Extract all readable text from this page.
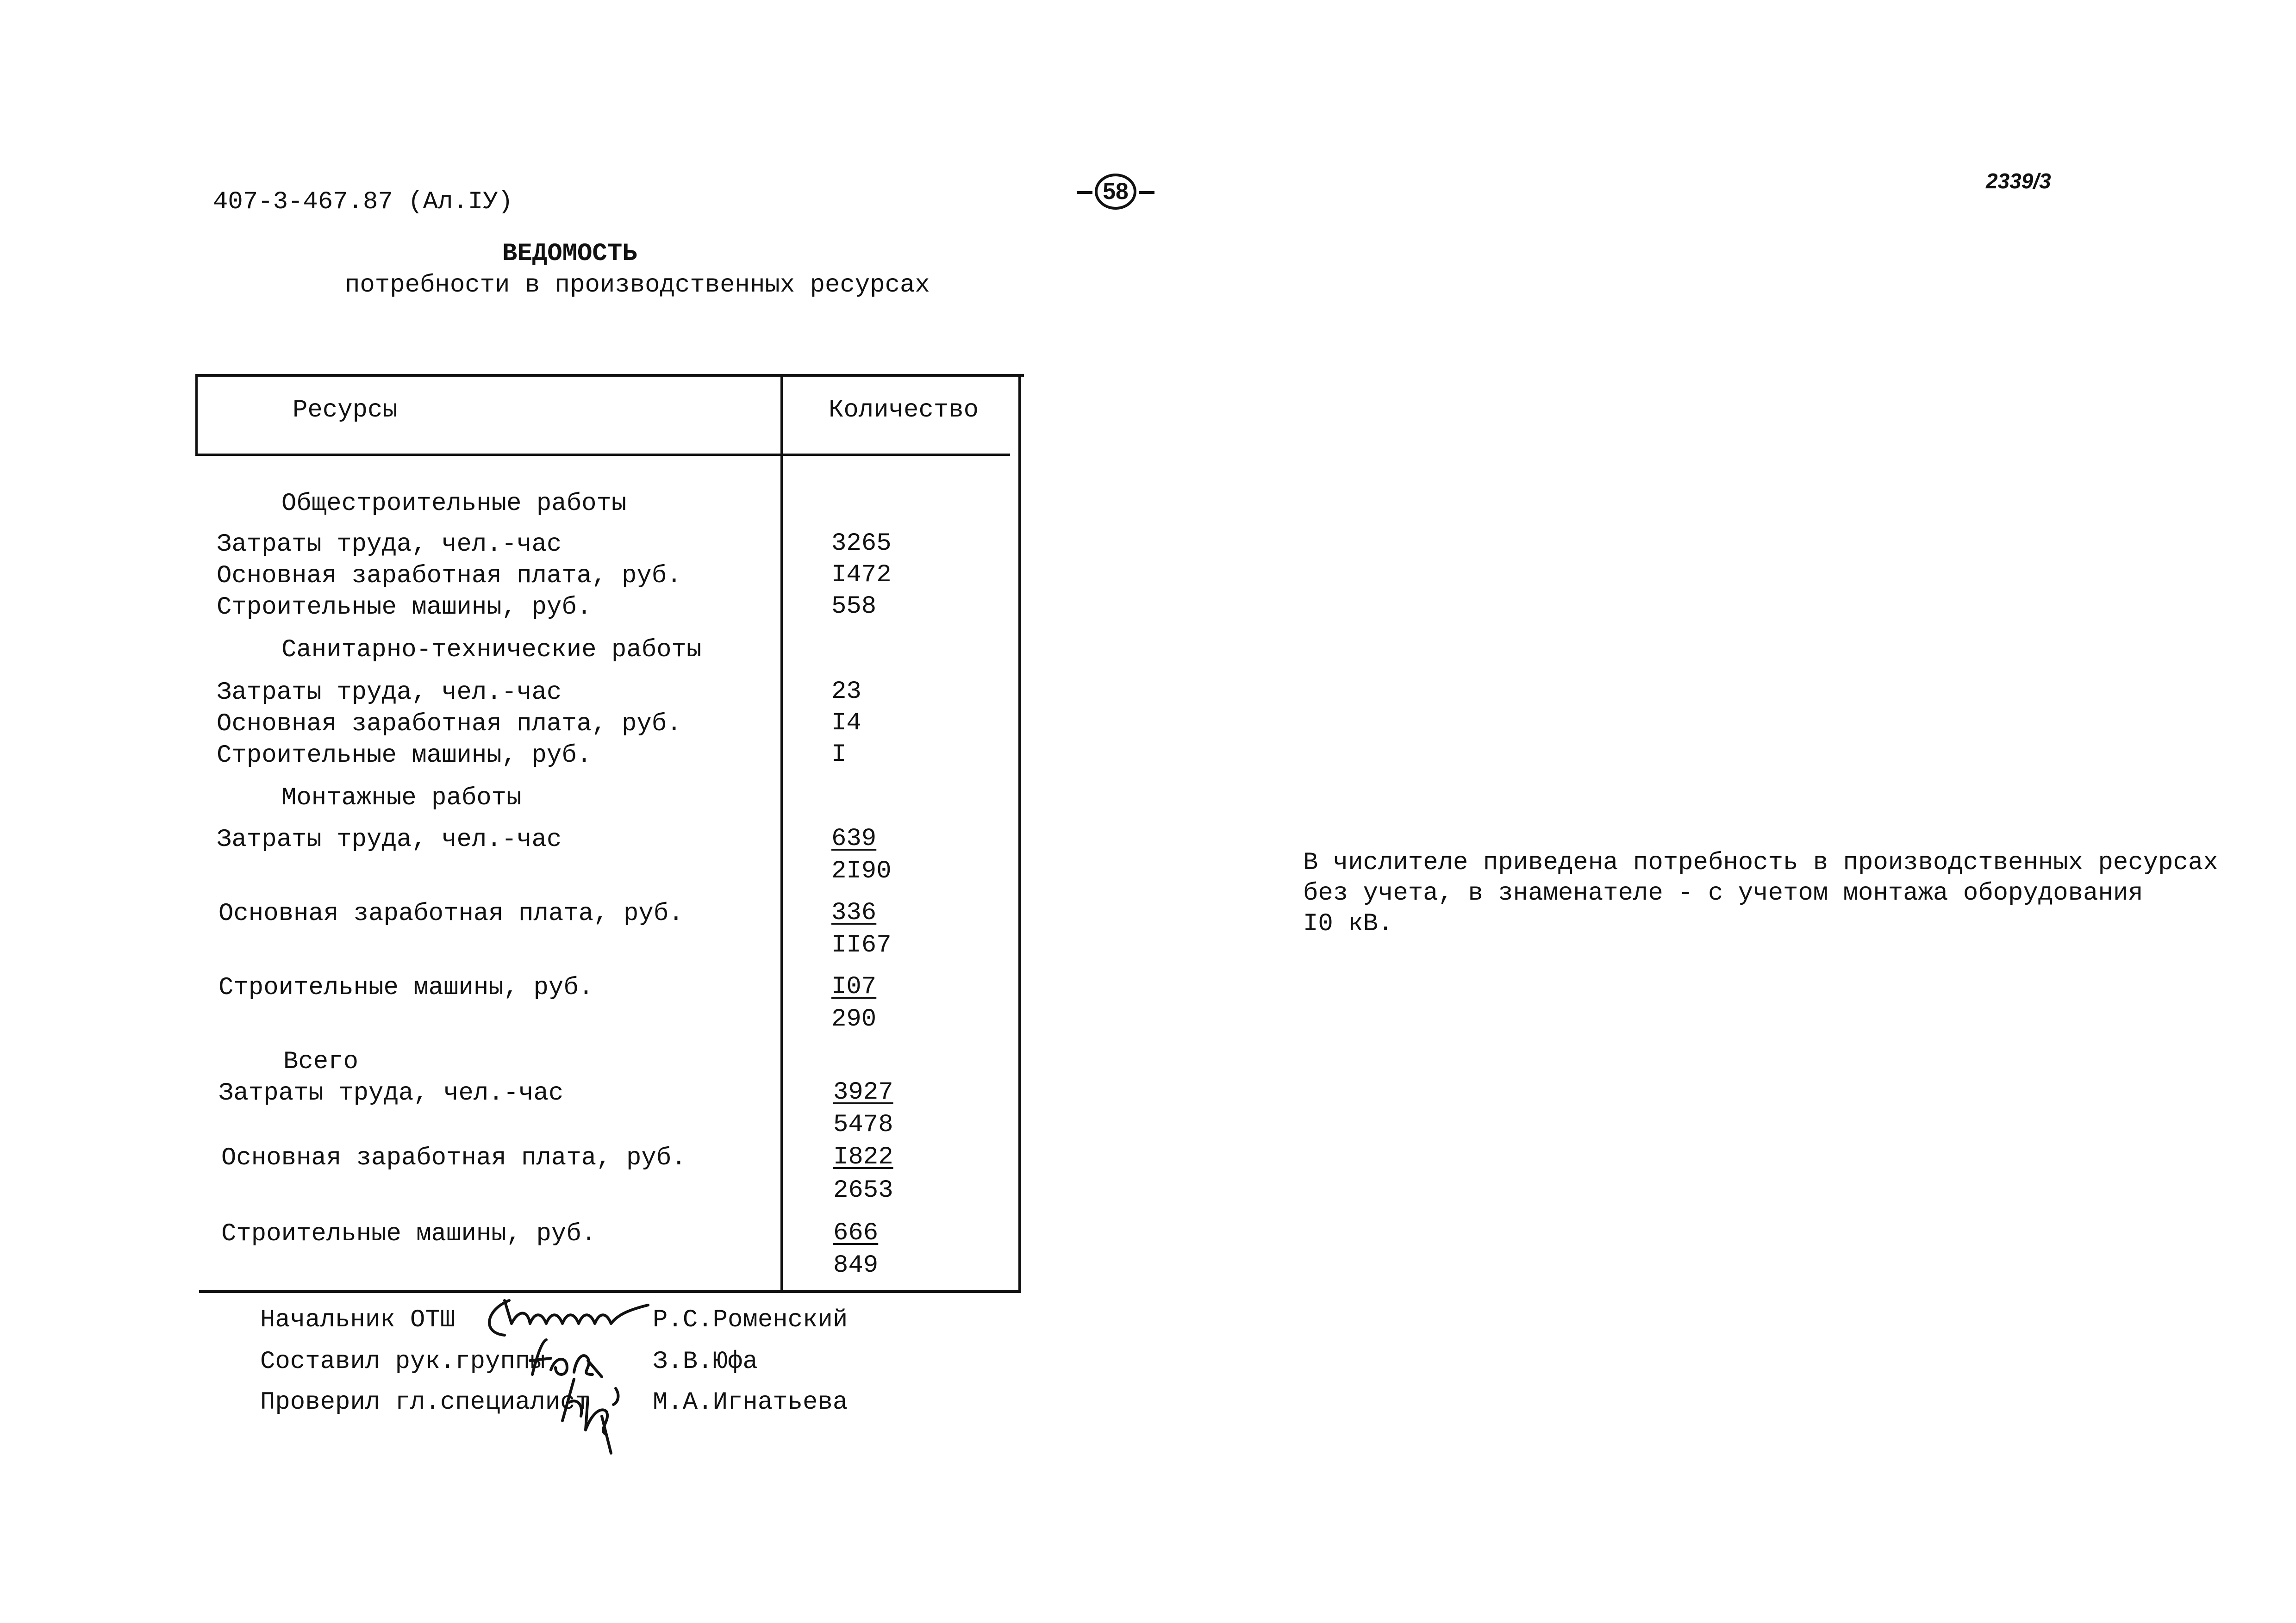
407-3-467.87 (Ал.IУ)	58	2339/3
ВЕДОМОСТЬ
потребности в производственных ресурсах
Ресурсы	Количество
Общестроительные работы
Затраты труда, чел.-час	3265
Основная заработная плата, руб.	I472
Строительные машины, руб.	558
Санитарно-технические работы
Затраты труда, чел.-час	23
Основная заработная плата, руб.	I4
Строительные машины, руб.	I
Монтажные работы
Затраты труда, чел.-час	639
2I90
Основная заработная плата, руб.	336
II67
Строительные машины, руб.	I07
290
Всего
Затраты труда, чел.-час	3927
5478
Основная заработная плата, руб.	I822
2653
Строительные машины, руб.	666
849
Начальник ОТШ	Р.С.Роменский
Составил рук.группы	З.В.Юфа
Проверил гл.специалист	М.А.Игнатьева
В числителе приведена потребность в производственных ресурсах
без учета, в знаменателе - с учетом монтажа оборудования
I0 кВ.
